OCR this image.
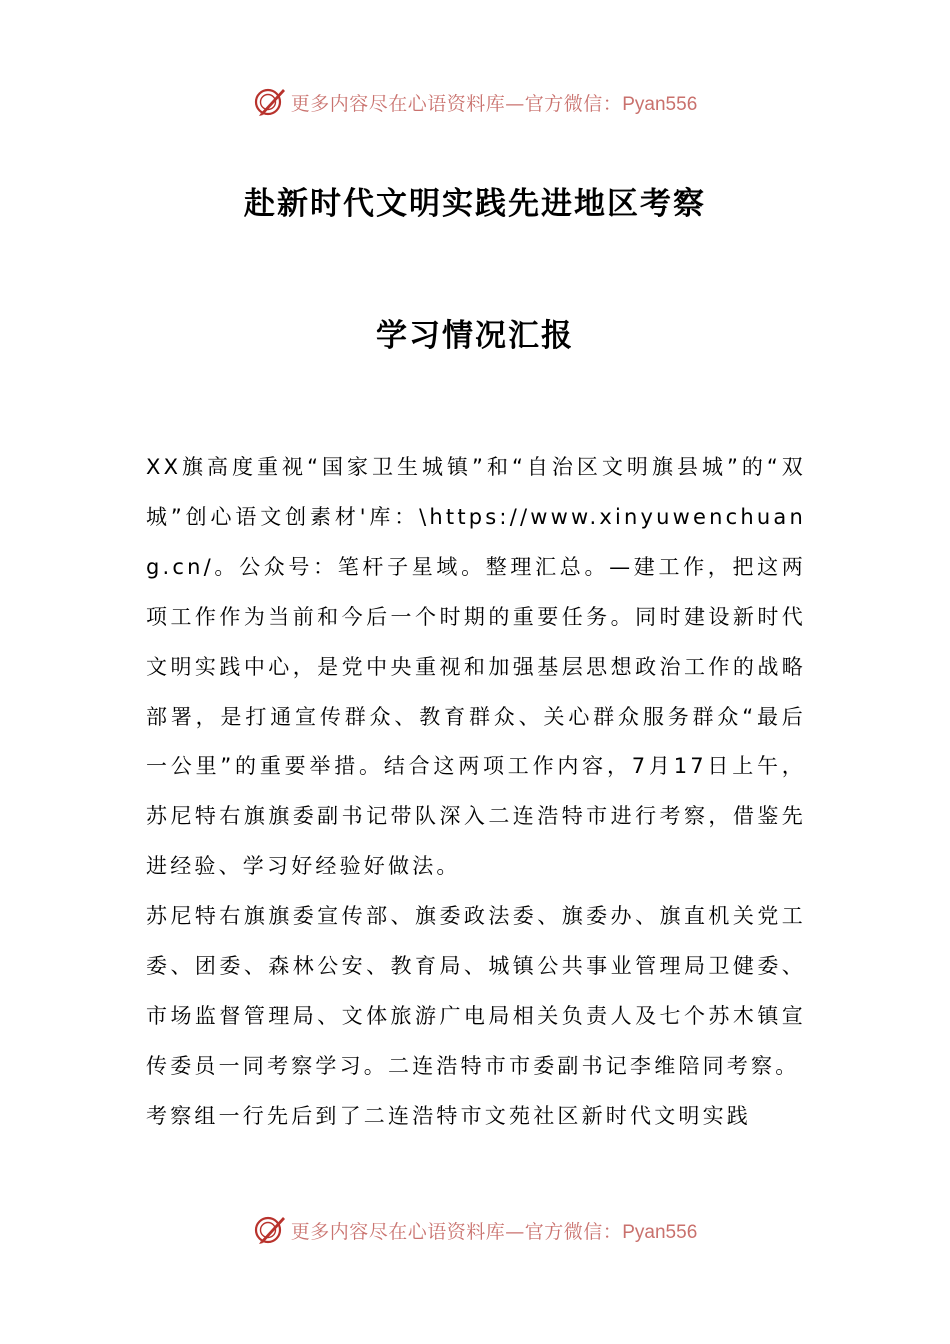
更多内容尽在心语资料库—官方微信：Pyan556
赴新时代文明实践先进地区考察
学习情况汇报

XX旗高度重视“国家卫生城镇”和“自治区文明旗县城”的“双城”创心语文创素材'库：\https://www.xinyuwenchuang.cn/。公众号：笔杆子星域。整理汇总。—建工作，把这两项工作作为当前和今后一个时期的重要任务。同时建设新时代文明实践中心，是党中央重视和加强基层思想政治工作的战略部署，是打通宣传群众、教育群众、关心群众服务群众“最后一公里”的重要举措。结合这两项工作内容，7月17日上午，苏尼特右旗旗委副书记带队深入二连浩特市进行考察，借鉴先进经验、学习好经验好做法。

苏尼特右旗旗委宣传部、旗委政法委、旗委办、旗直机关党工委、团委、森林公安、教育局、城镇公共事业管理局卫健委、市场监督管理局、文体旅游广电局相关负责人及七个苏木镇宣传委员一同考察学习。二连浩特市市委副书记李维陪同考察。

考察组一行先后到了二连浩特市文苑社区新时代文明实践

更多内容尽在心语资料库—官方微信：Pyan556
